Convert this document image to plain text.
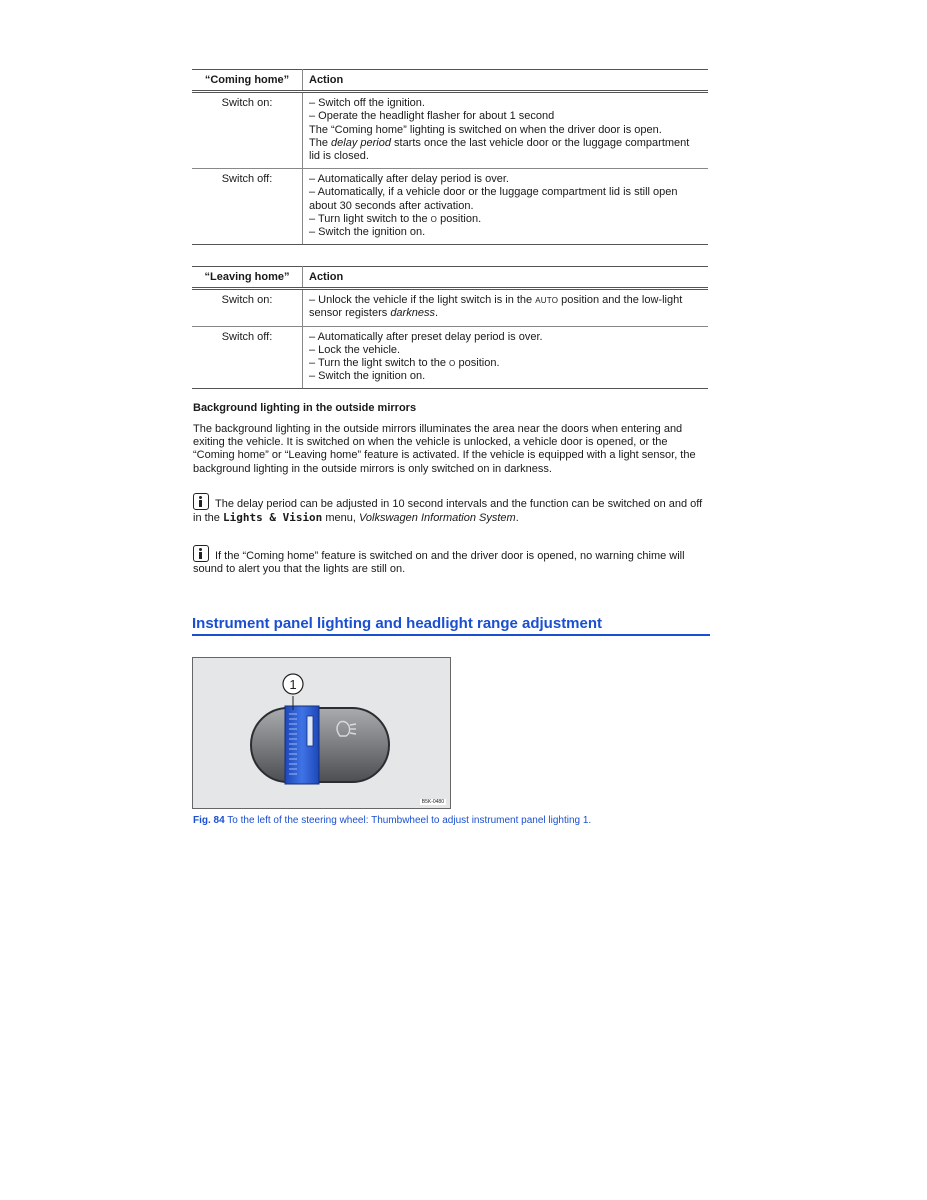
“Coming home”	Action
Switch on:	– Switch off the ignition.
– Operate the headlight flasher for about 1 second
The “Coming home” lighting is switched on when the driver door is open.
The delay period starts once the last vehicle door or the luggage compartment lid is closed.

Switch off:	– Automatically after delay period is over.
– Automatically, if a vehicle door or the luggage compartment lid is still open about 30 seconds after activation.
– Turn light switch to the O position.
– Switch the ignition on.
“Leaving home”	Action
Switch on:	– Unlock the vehicle if the light switch is in the AUTO position and the low-light sensor registers darkness.

Switch off:	– Automatically after preset delay period is over.
– Lock the vehicle.
– Turn the light switch to the O position.
– Switch the ignition on.
Background lighting in the outside mirrors

The background lighting in the outside mirrors illuminates the area near the doors when entering and exiting the vehicle. It is switched on when the vehicle is unlocked, a vehicle door is opened, or the “Coming home” or “Leaving home” feature is activated. If the vehicle is equipped with a light sensor, the background lighting in the outside mirrors is only switched on in darkness.

The delay period can be adjusted in 10 second intervals and the function can be switched on and off in the Lights & Vision menu, Volkswagen Information System.

If the “Coming home” feature is switched on and the driver door is opened, no warning chime will sound to alert you that the lights are still on.

Instrument panel lighting and headlight range adjustment
1
B5K-0480

Fig. 84 To the left of the steering wheel: Thumbwheel to adjust instrument panel lighting 1.
